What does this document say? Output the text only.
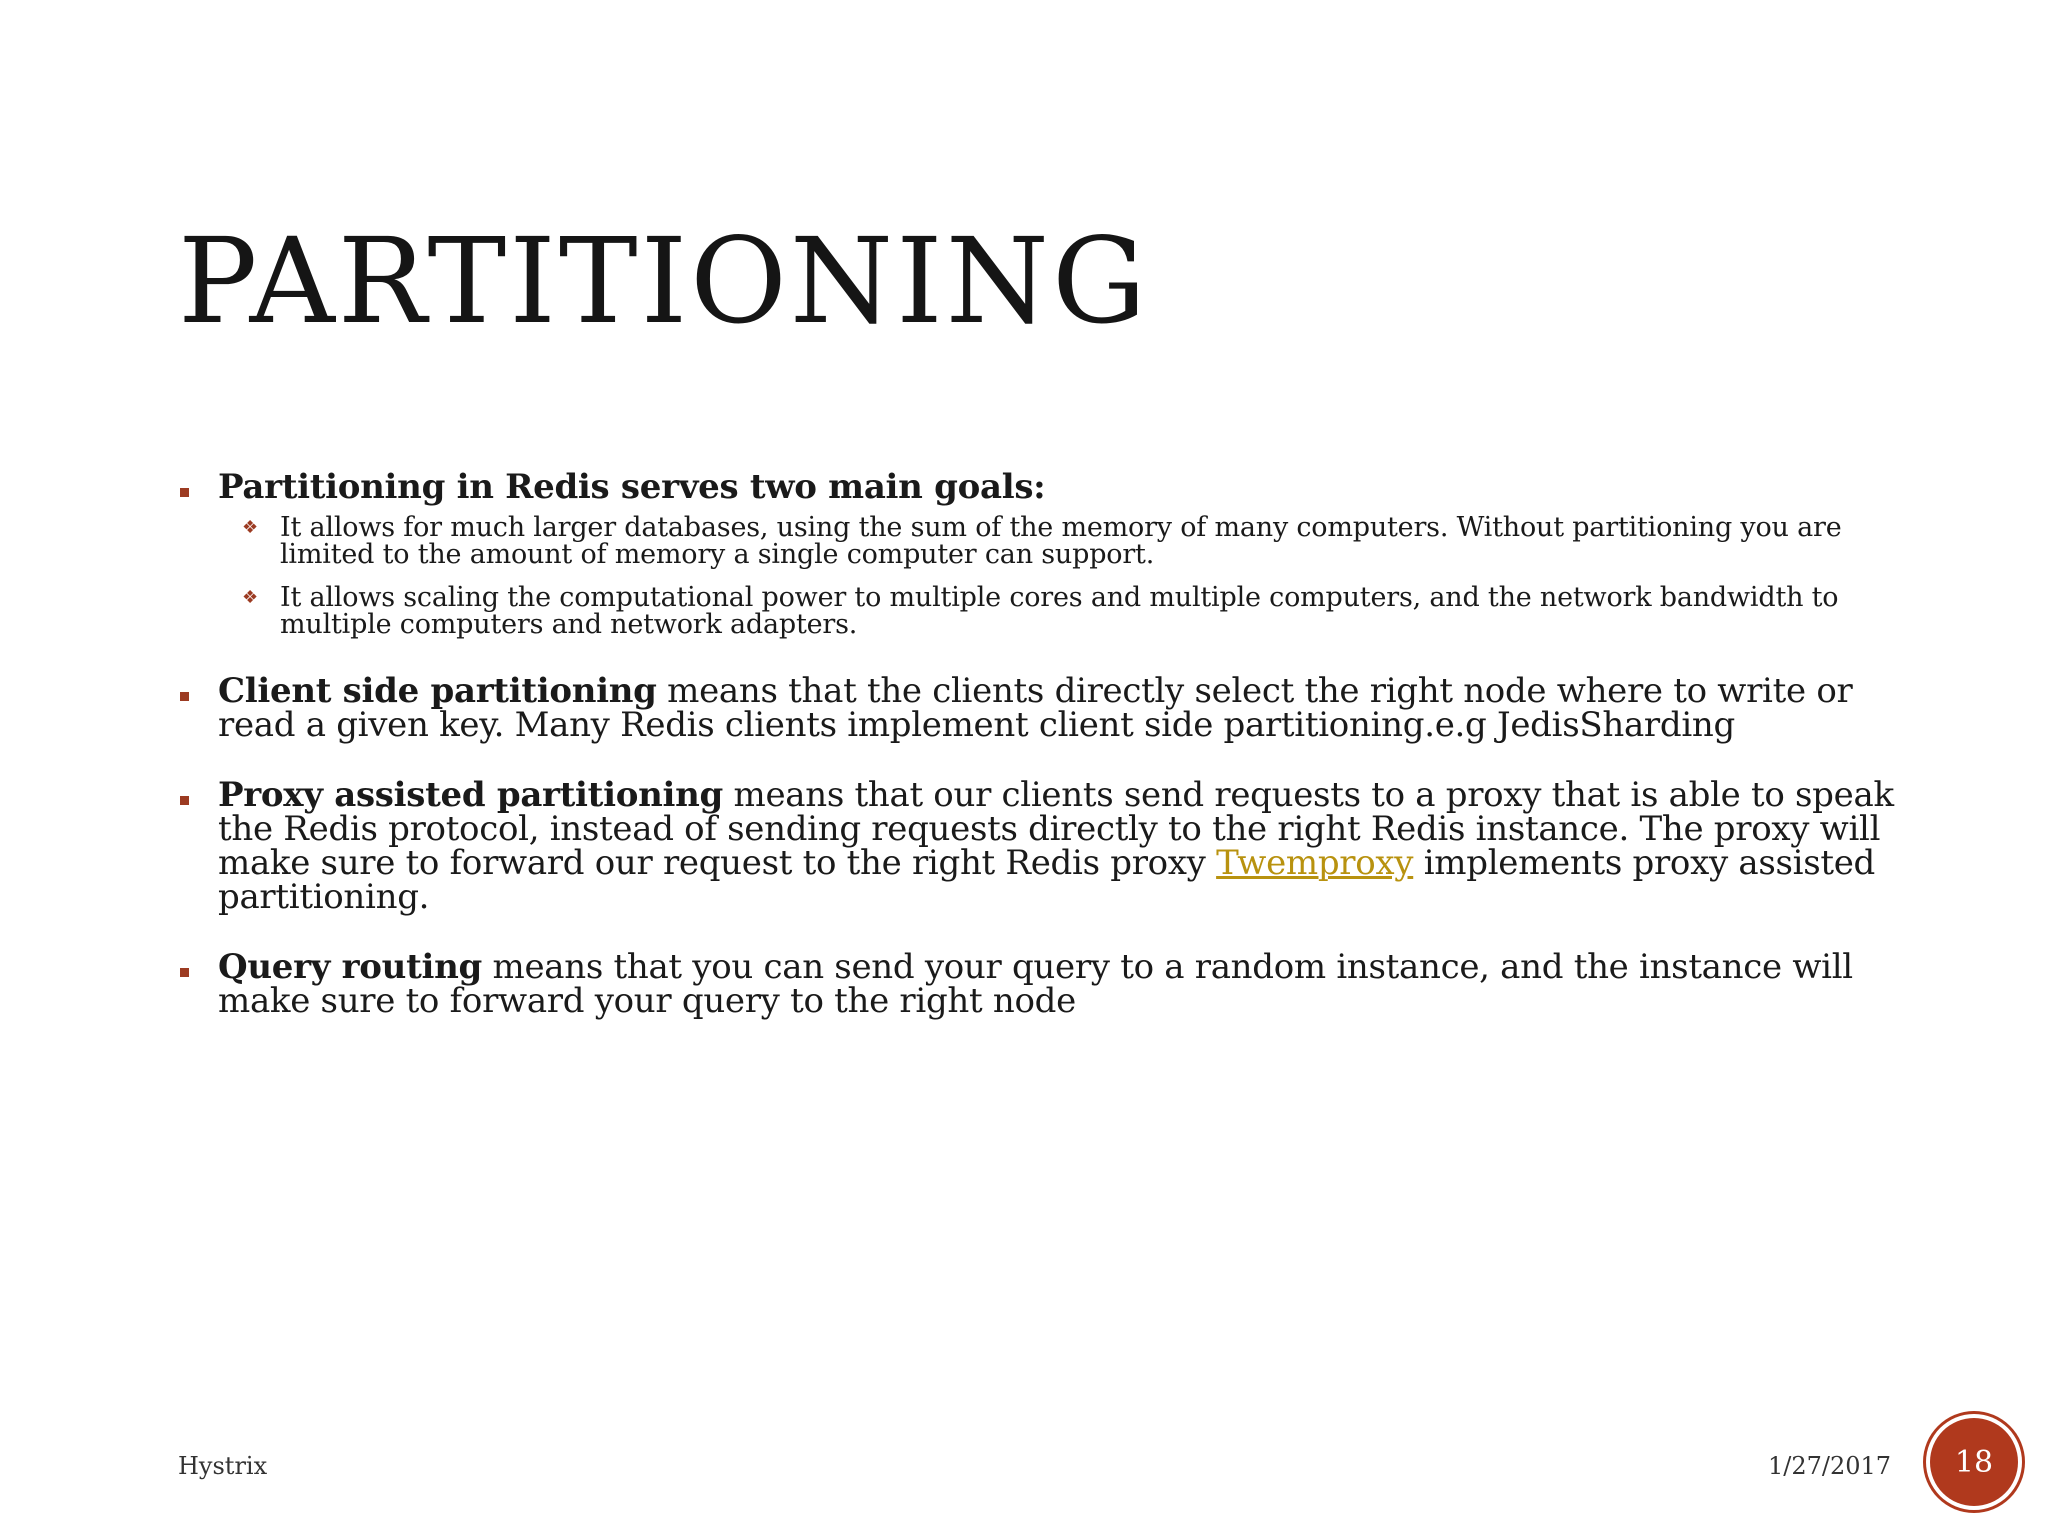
PARTITIONING
Partitioning in Redis serves two main goals:
❖ It allows for much larger databases, using the sum of the memory of many computers. Without partitioning you are limited to the amount of memory a single computer can support.
❖ It allows scaling the computational power to multiple cores and multiple computers, and the network bandwidth to multiple computers and network adapters.
Client side partitioning means that the clients directly select the right node where to write or read a given key. Many Redis clients implement client side partitioning.e.g JedisSharding
Proxy assisted partitioning means that our clients send requests to a proxy that is able to speak the Redis protocol, instead of sending requests directly to the right Redis instance. The proxy will make sure to forward our request to the right Redis proxy Twemproxy implements proxy assisted partitioning.
Query routing means that you can send your query to a random instance, and the instance will make sure to forward your query to the right node
Hystrix	1/27/2017 18
